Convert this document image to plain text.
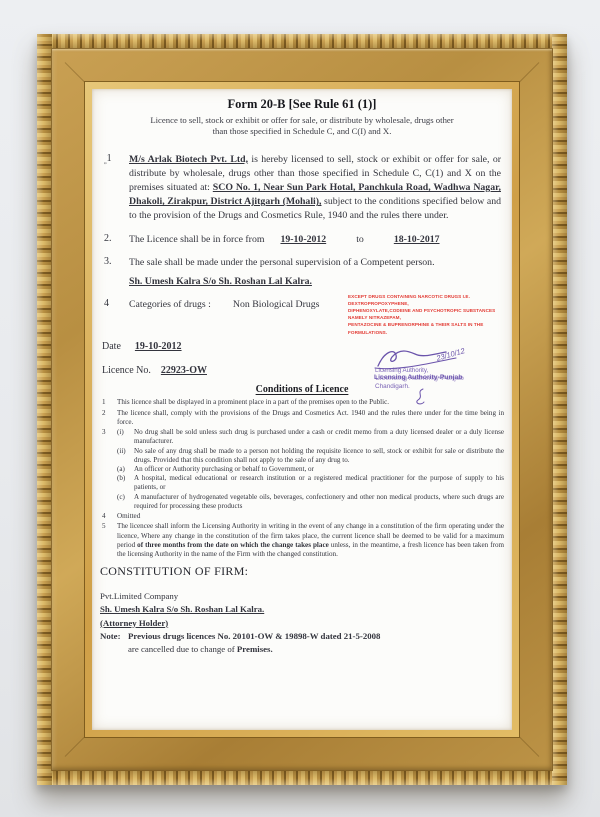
Form 20-B [See Rule 61 (1)]
Licence to sell, stock or exhibit or offer for sale, or distribute by wholesale, drugs other
than those specified in Schedule C, and C(I) and X.
$_„$1	M/s Arlak Biotech Pvt. Ltd, is hereby licensed to sell, stock or exhibit or offer for sale, or distribute by wholesale, drugs other than those specified in Schedule C, C(1) and X on the premises situated at: SCO No. 1, Near Sun Park Hotal, Panchkula Road, Wadhwa Nagar, Dhakoli, Zirakpur, District Ajitgarh (Mohali), subject to the conditions specified below and to the provision of the Drugs and Cosmetics Rule, 1940 and the rules there under.
2.	The Licence shall be in force from 19-10-2012	to	18-10-2017
3.	The sale shall be made under the personal supervision of a Competent person.
Sh. Umesh Kalra S/o Sh. Roshan Lal Kalra.
4	Categories of drugs : Non Biological Drugs
EXCEPT DRUGS CONTAINING NARCOTIC DRUGS I.E. DEXTROPROPOXYPHENE,
DIPHENOXYLATE,CODEINE AND PSYCHOTROPIC SUBSTANCES NAMELY NITRAZEPAM,
PENTAZOCINE & BUPRENORPHINE & THEIR SALTS IN THE FORMULATIONS.
Date 19-10-2012
Licence No. 22923-OW
23/10/12
Licensing Authority,
Licensing Authority-Punjab
Chandigarh.
Conditions of Licence
1	This licence shall be displayed in a prominent place in a part of the premises open to the Public.
2	The licence shall, comply with the provisions of the Drugs and Cosmetics Act. 1940 and the rules there under for the time being in force.
3	(i)	No drug shall be sold unless such drug is purchased under a cash or credit memo from a duty licensed dealer or a duly license manufacturer.
(ii)	No sale of any drug shall be made to a person not holding the requisite licence to sell, stock or exhibit for sale or distribute the drugs. Provided that this condition shall not apply to the sale of any drug to.
(a)	An officer or Authority purchasing or behalf to Government, or
(b)	A hospital, medical educational or research institution or a registered medical practitioner for the purpose of supply to his patients, or
(c)	A manufacturer of hydrogenated vegetable oils, beverages, confectionery and other non medical products, where such drugs are required for processing these products
4	Omitted
5	The licencee shall inform the Licensing Authority in writing in the event of any change in a constitution of the firm operating under the licence, Where any change in the constitution of the firm takes place, the current licence shall be deemed to be valid for a maximum period of three months from the date on which the change takes place unless, in the meantime, a fresh licence has been taken from the licensing Authority in the name of the Firm with the changed constitution.
CONSTITUTION OF FIRM:
Pvt.Limited Company
Sh. Umesh Kalra S/o Sh. Roshan Lal Kalra.
(Attorney Holder)
Note: Previous drugs licences No. 20101-OW & 19898-W dated 21-5-2008
are cancelled due to change of Premises.
